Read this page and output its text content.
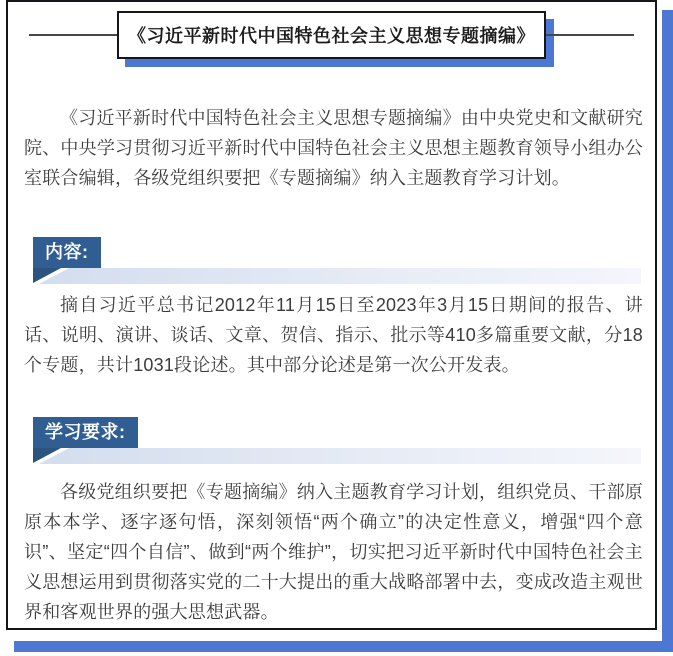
《习近平新时代中国特色社会主义思想专题摘编》

《习近平新时代中国特色社会主义思想专题摘编》由中央党史和文献研究院、中央学习贯彻习近平新时代中国特色社会主义思想主题教育领导小组办公室联合编辑，各级党组织要把《专题摘编》纳入主题教育学习计划。

内容:

摘自习近平总书记2012年11月15日至2023年3月15日期间的报告、讲话、说明、演讲、谈话、文章、贺信、指示、批示等410多篇重要文献，分18个专题，共计1031段论述。其中部分论述是第一次公开发表。

学习要求:

各级党组织要把《专题摘编》纳入主题教育学习计划，组织党员、干部原原本本学、逐字逐句悟，深刻领悟“两个确立”的决定性意义，增强“四个意识”、坚定“四个自信”、做到“两个维护”，切实把习近平新时代中国特色社会主义思想运用到贯彻落实党的二十大提出的重大战略部署中去，变成改造主观世界和客观世界的强大思想武器。
